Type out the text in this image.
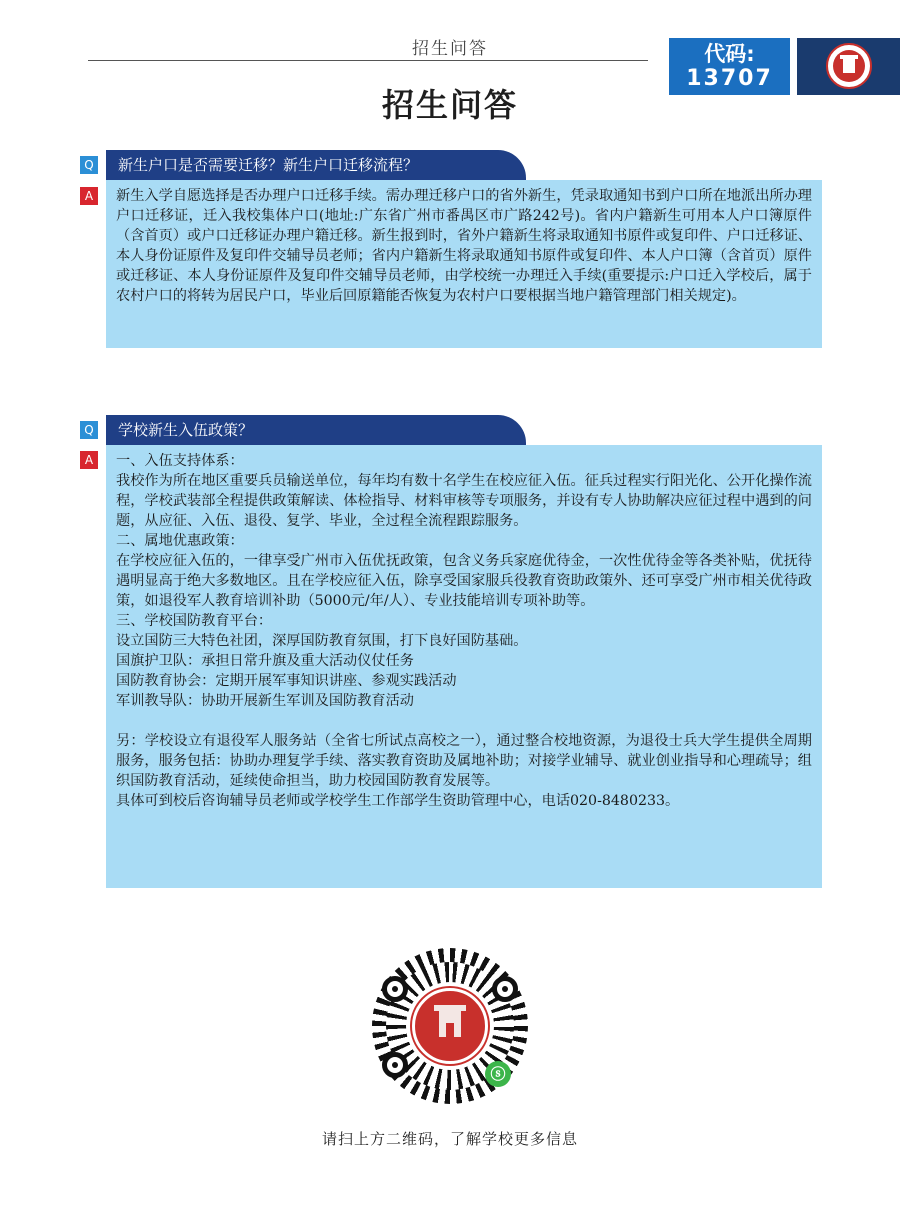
招生问答	代码:
13707
招生问答
Q	新生户口是否需要迁移？新生户口迁移流程？
A	新生入学自愿选择是否办理户口迁移手续。需办理迁移户口的省外新生，凭录取通知书到户口所在地派出所办理户口迁移证，迁入我校集体户口(地址:广东省广州市番禺区市广路242号)。省内户籍新生可用本人户口簿原件（含首页）或户口迁移证办理户籍迁移。新生报到时，省外户籍新生将录取通知书原件或复印件、户口迁移证、本人身份证原件及复印件交辅导员老师；省内户籍新生将录取通知书原件或复印件、本人户口簿（含首页）原件或迁移证、本人身份证原件及复印件交辅导员老师，由学校统一办理迁入手续(重要提示:户口迁入学校后，属于农村户口的将转为居民户口，毕业后回原籍能否恢复为农村户口要根据当地户籍管理部门相关规定)。

Q	学校新生入伍政策？
A	一、入伍支持体系：

我校作为所在地区重要兵员输送单位，每年均有数十名学生在校应征入伍。征兵过程实行阳光化、公开化操作流程，学校武装部全程提供政策解读、体检指导、材料审核等专项服务，并设有专人协助解决应征过程中遇到的问题，从应征、入伍、退役、复学、毕业，全过程全流程跟踪服务。

二、属地优惠政策：

在学校应征入伍的，一律享受广州市入伍优抚政策，包含义务兵家庭优待金，一次性优待金等各类补贴，优抚待遇明显高于绝大多数地区。且在学校应征入伍，除享受国家服兵役教育资助政策外、还可享受广州市相关优待政策，如退役军人教育培训补助（5000元/年/人）、专业技能培训专项补助等。

三、学校国防教育平台：

设立国防三大特色社团，深厚国防教育氛围，打下良好国防基础。

国旗护卫队：承担日常升旗及重大活动仪仗任务

国防教育协会：定期开展军事知识讲座、参观实践活动

军训教导队：协助开展新生军训及国防教育活动

另：学校设立有退役军人服务站（全省七所试点高校之一），通过整合校地资源，为退役士兵大学生提供全周期服务，服务包括：协助办理复学手续、落实教育资助及属地补助；对接学业辅导、就业创业指导和心理疏导；组织国防教育活动，延续使命担当，助力校园国防教育发展等。

具体可到校后咨询辅导员老师或学校学生工作部学生资助管理中心，电话020-8480233。

ⓢ
请扫上方二维码，了解学校更多信息
